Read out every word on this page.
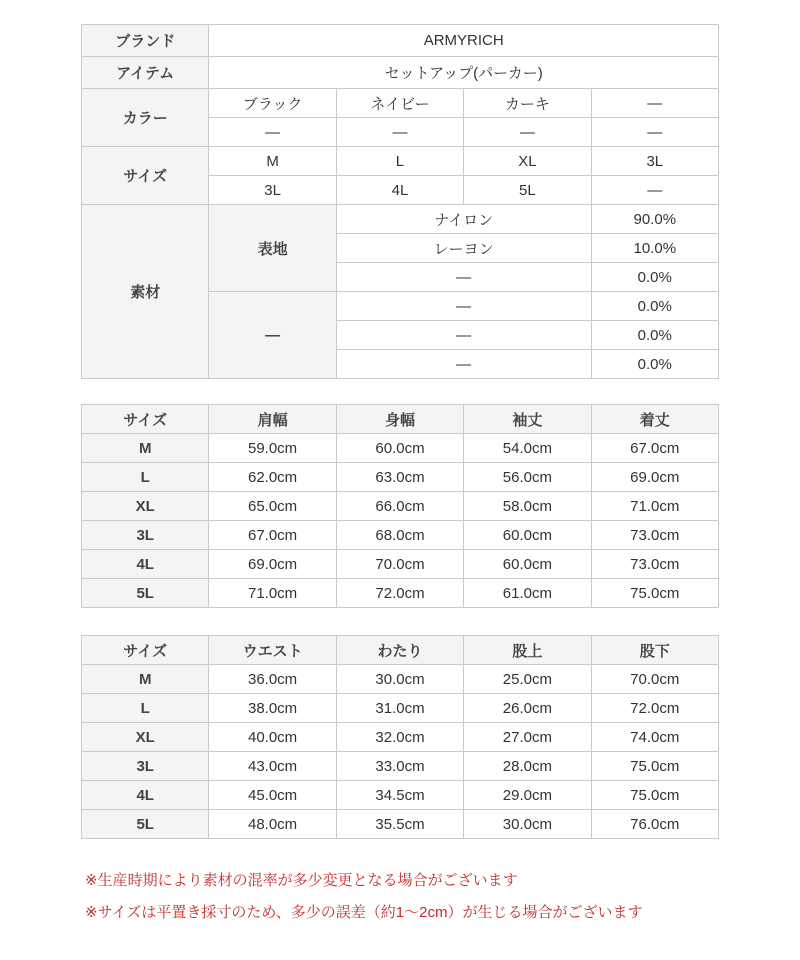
ブランド	ARMYRICH			
アイテム	セットアップ(パーカー)			
カラー	ブラック	ネイビー	カーキ	—
	—	—	—	—
サイズ	M	L	XL	3L
	3L	4L	5L	—
素材	表地	ナイロン		90.0%
		レーヨン		10.0%
		—		0.0%
	—	—		0.0%
		—		0.0%
		—		0.0%
サイズ	肩幅	身幅	袖丈	着丈
M	59.0cm	60.0cm	54.0cm	67.0cm
L	62.0cm	63.0cm	56.0cm	69.0cm
XL	65.0cm	66.0cm	58.0cm	71.0cm
3L	67.0cm	68.0cm	60.0cm	73.0cm
4L	69.0cm	70.0cm	60.0cm	73.0cm
5L	71.0cm	72.0cm	61.0cm	75.0cm
サイズ	ウエスト	わたり	股上	股下
M	36.0cm	30.0cm	25.0cm	70.0cm
L	38.0cm	31.0cm	26.0cm	72.0cm
XL	40.0cm	32.0cm	27.0cm	74.0cm
3L	43.0cm	33.0cm	28.0cm	75.0cm
4L	45.0cm	34.5cm	29.0cm	75.0cm
5L	48.0cm	35.5cm	30.0cm	76.0cm
※生産時期により素材の混率が多少変更となる場合がございます
※サイズは平置き採寸のため、多少の誤差（約1～2cm）が生じる場合がございます
